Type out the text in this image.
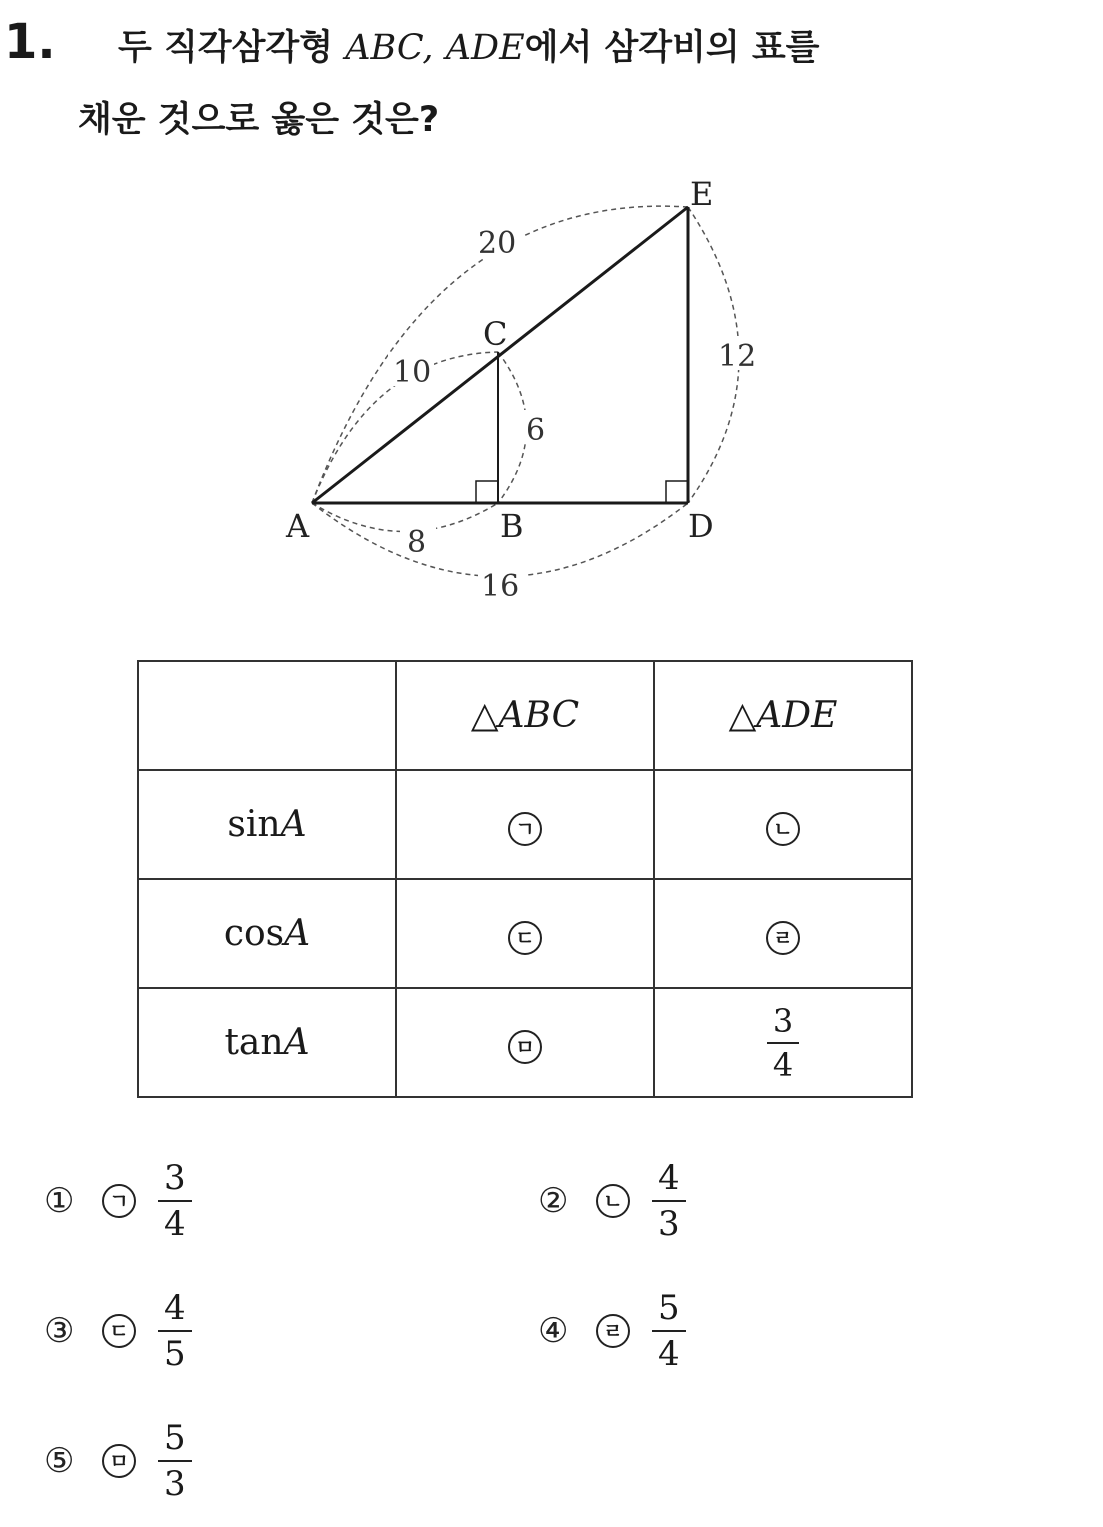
1. 두 직각삼각형 ABC, ADE에서 삼각비의 표를
채운 것으로 옳은 것은?
A	B
C
D
E
20
10
6
12
8
16
	△ABC	△ADE
sinA	ㄱ	ㄴ
cosA	ㄷ	ㄹ
tanA	ㅁ	$\frac{3}{4}$
①	ㄱ $\frac{3}{4}$	②	ㄴ $\frac{4}{3}$
③	ㄷ $\frac{4}{5}$	④	ㄹ $\frac{5}{4}$
⑤	ㅁ $\frac{5}{3}$
